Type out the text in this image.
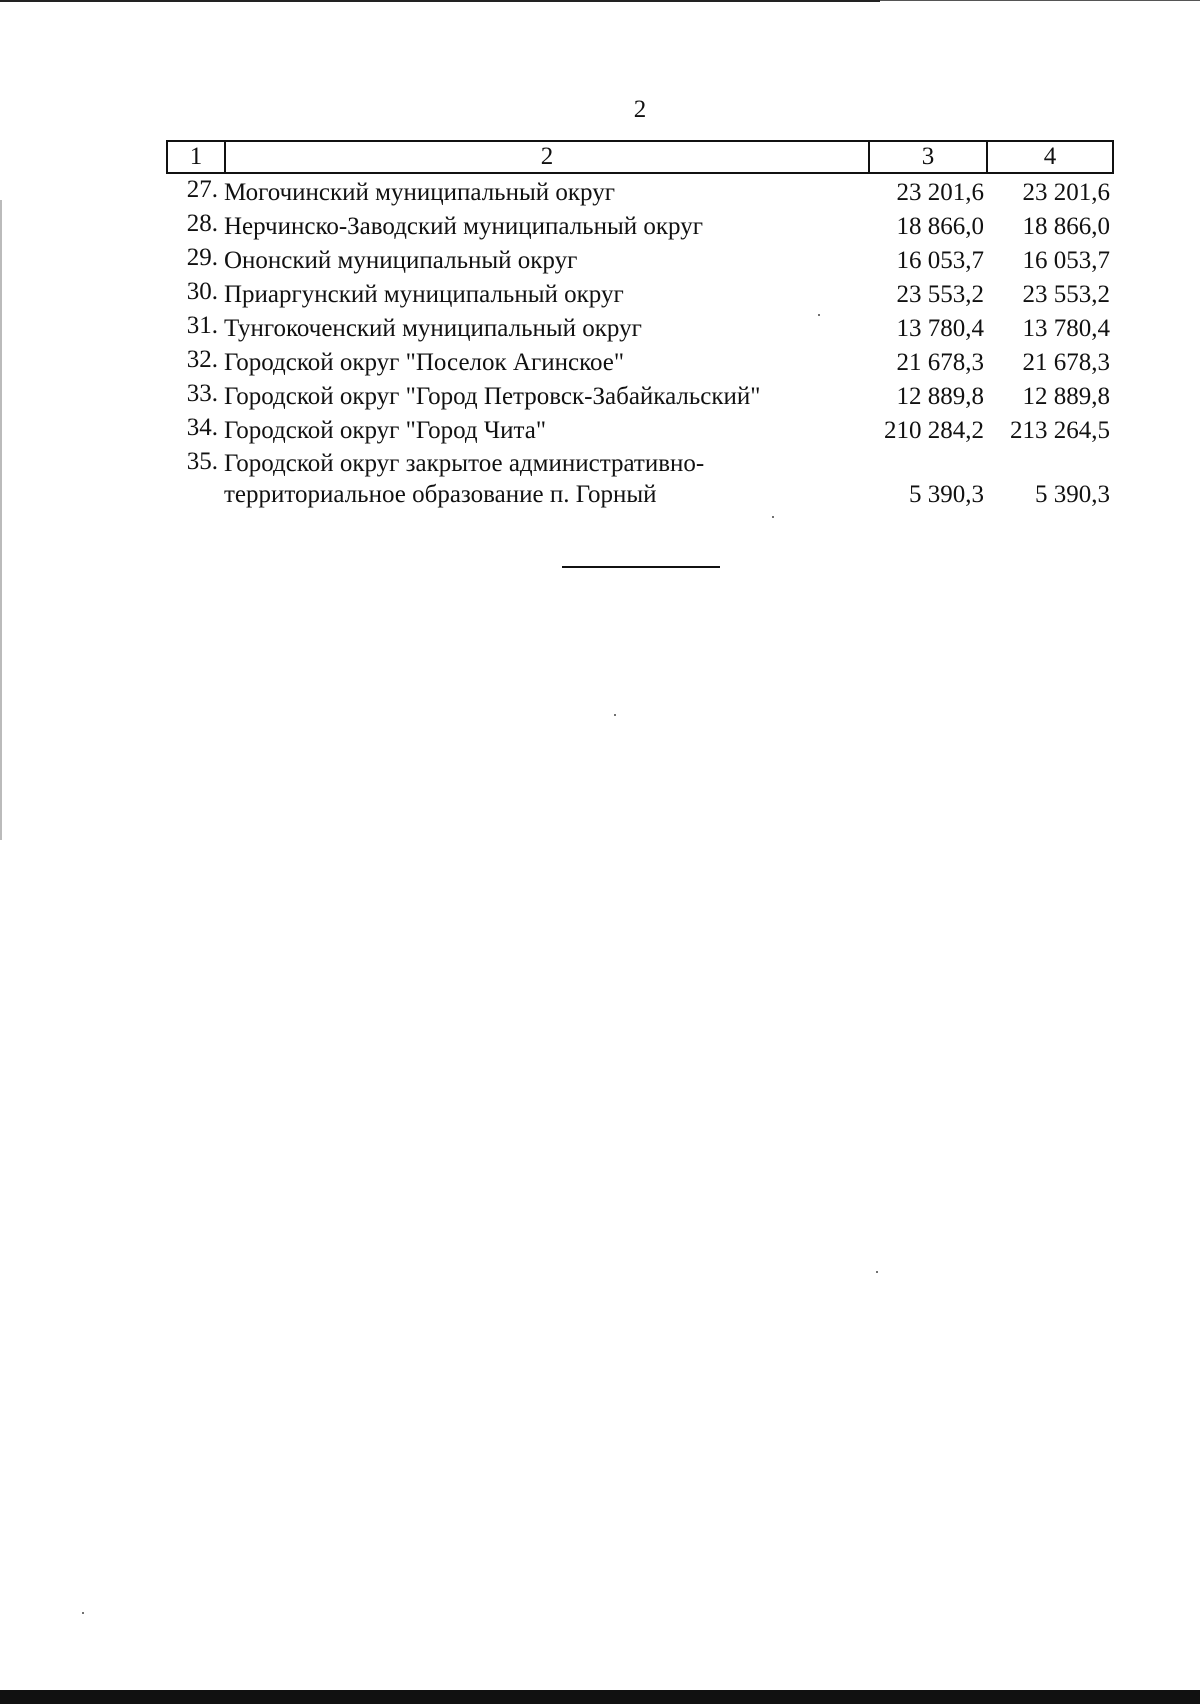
2
1	2	3	4
27. Могочинский муниципальный округ	23 201,6	23 201,6
28. Нерчинско-Заводский муниципальный округ	18 866,0	18 866,0
29. Ононский муниципальный округ	16 053,7	16 053,7
30. Приаргунский муниципальный округ	23 553,2	23 553,2
31. Тунгокоченский муниципальный округ	13 780,4	13 780,4
32. Городской округ "Поселок Агинское"	21 678,3	21 678,3
33. Городской округ "Город Петровск-Забайкальский"	12 889,8	12 889,8
34. Городской округ "Город Чита"	210 284,2	213 264,5
35. Городской округ закрытое административно-
территориальное образование п. Горный	5 390,3	5 390,3
